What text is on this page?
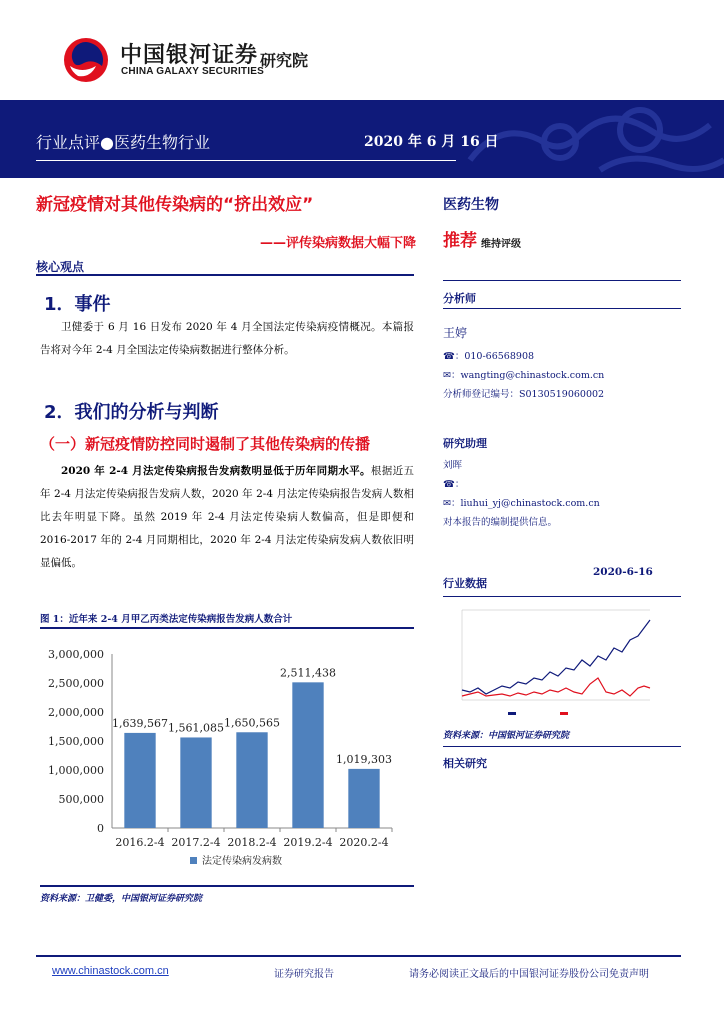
中国银河证券
CHINA GALAXY SECURITIES
研究院
行业点评●医药生物行业	2020 年 6 月 16 日
新冠疫情对其他传染病的“挤出效应”
——评传染病数据大幅下降
核心观点
1．事件

卫健委于 6 月 16 日发布 2020 年 4 月全国法定传染病疫情概况。本篇报告将对今年 2-4 月全国法定传染病数据进行整体分析。

2．我们的分析与判断
（一）新冠疫情防控同时遏制了其他传染病的传播

2020 年 2-4 月法定传染病报告发病数明显低于历年同期水平。根据近五年 2-4 月法定传染病报告发病人数，2020 年 2-4 月法定传染病报告发病人数相比去年明显下降。虽然 2019 年 2-4 月法定传染病人数偏高，但是即便和 2016-2017 年的 2-4 月同期相比，2020 年 2-4 月法定传染病发病人数依旧明显偏低。

图 1：近年来 2-4 月甲乙丙类法定传染病报告发病人数合计
0
500,000
1,000,000
1,500,000
2,000,000
2,500,000
3,000,000
1,639,567
2016.2-4
1,561,085
2017.2-4
1,650,565
2018.2-4
2,511,438
2019.2-4
1,019,303
2020.2-4
法定传染病发病数
资料来源：卫健委，中国银河证券研究院
医药生物
推荐 维持评级
分析师
王婷
☎：010-66568908
✉：wangting@chinastock.com.cn
分析师登记编号：S0130519060002
研究助理
刘晖
☎：
✉：liuhui_yj@chinastock.com.cn
对本报告的编制提供信息。
行业数据
2020-6-16
资料来源：中国银河证券研究院
相关研究
www.chinastock.com.cn	证券研究报告	请务必阅读正文最后的中国银河证券股份公司免责声明
